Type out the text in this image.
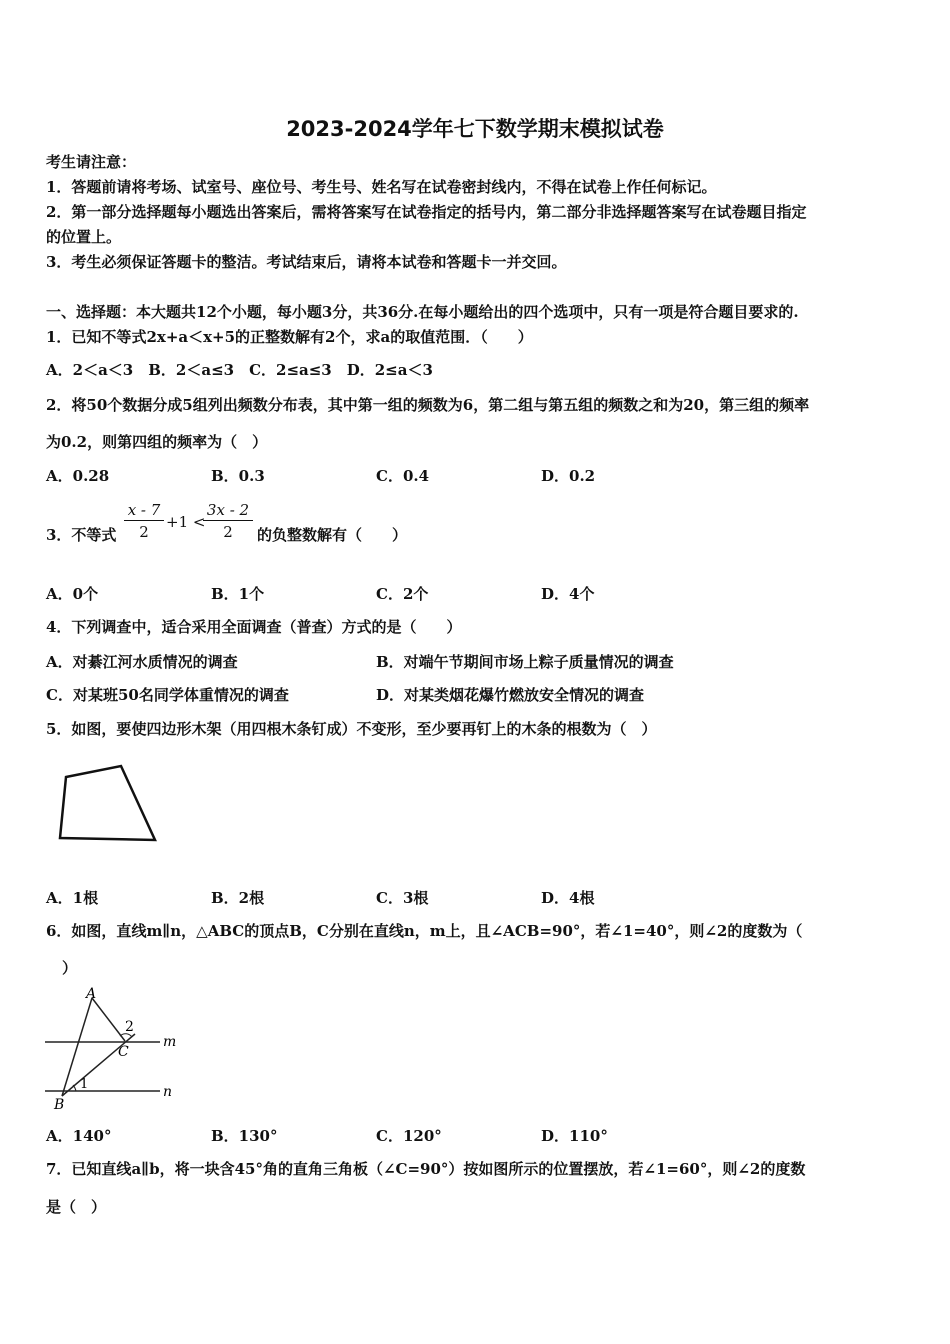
2023-2024学年七下数学期末模拟试卷
考生请注意：
1．答题前请将考场、试室号、座位号、考生号、姓名写在试卷密封线内，不得在试卷上作任何标记。
2．第一部分选择题每小题选出答案后，需将答案写在试卷指定的括号内，第二部分非选择题答案写在试卷题目指定
的位置上。
3．考生必须保证答题卡的整洁。考试结束后，请将本试卷和答题卡一并交回。
一、选择题：本大题共12个小题，每小题3分，共36分.在每小题给出的四个选项中，只有一项是符合题目要求的.
1．已知不等式2x+a＜x+5的正整数解有2个，求a的取值范围．（　　）
A．2＜a＜3　B．2＜a≤3　C．2≤a≤3　D．2≤a＜3
2．将50个数据分成5组列出频数分布表，其中第一组的频数为6，第二组与第五组的频数之和为20，第三组的频率
为0.2，则第四组的频率为（　）
A．0.28	B．0.3	C．0.4	D．0.2
3．不等式 $\frac{x - 7}{2} +1$ <
$\frac{3x - 2}{2}$ 的负整数解有（　　）
A．0个	B．1个	C．2个	D．4个
4．下列调查中，适合采用全面调查（普查）方式的是（　　）
A．对綦江河水质情况的调查	B．对端午节期间市场上粽子质量情况的调查
C．对某班50名同学体重情况的调查	D．对某类烟花爆竹燃放安全情况的调查
5．如图，要使四边形木架（用四根木条钉成）不变形，至少要再钉上的木条的根数为（　）
A．1根	B．2根	C．3根	D．4根
6．如图，直线m∥n，△ABC的顶点B，C分别在直线n，m上，且∠ACB=90°，若∠1=40°，则∠2的度数为（
）
A
C
2
1
B
m
n
A．140°	B．130°	C．120°	D．110°
7．已知直线a∥b，将一块含45°角的直角三角板（∠C=90°）按如图所示的位置摆放，若∠1=60°，则∠2的度数
是（　）
